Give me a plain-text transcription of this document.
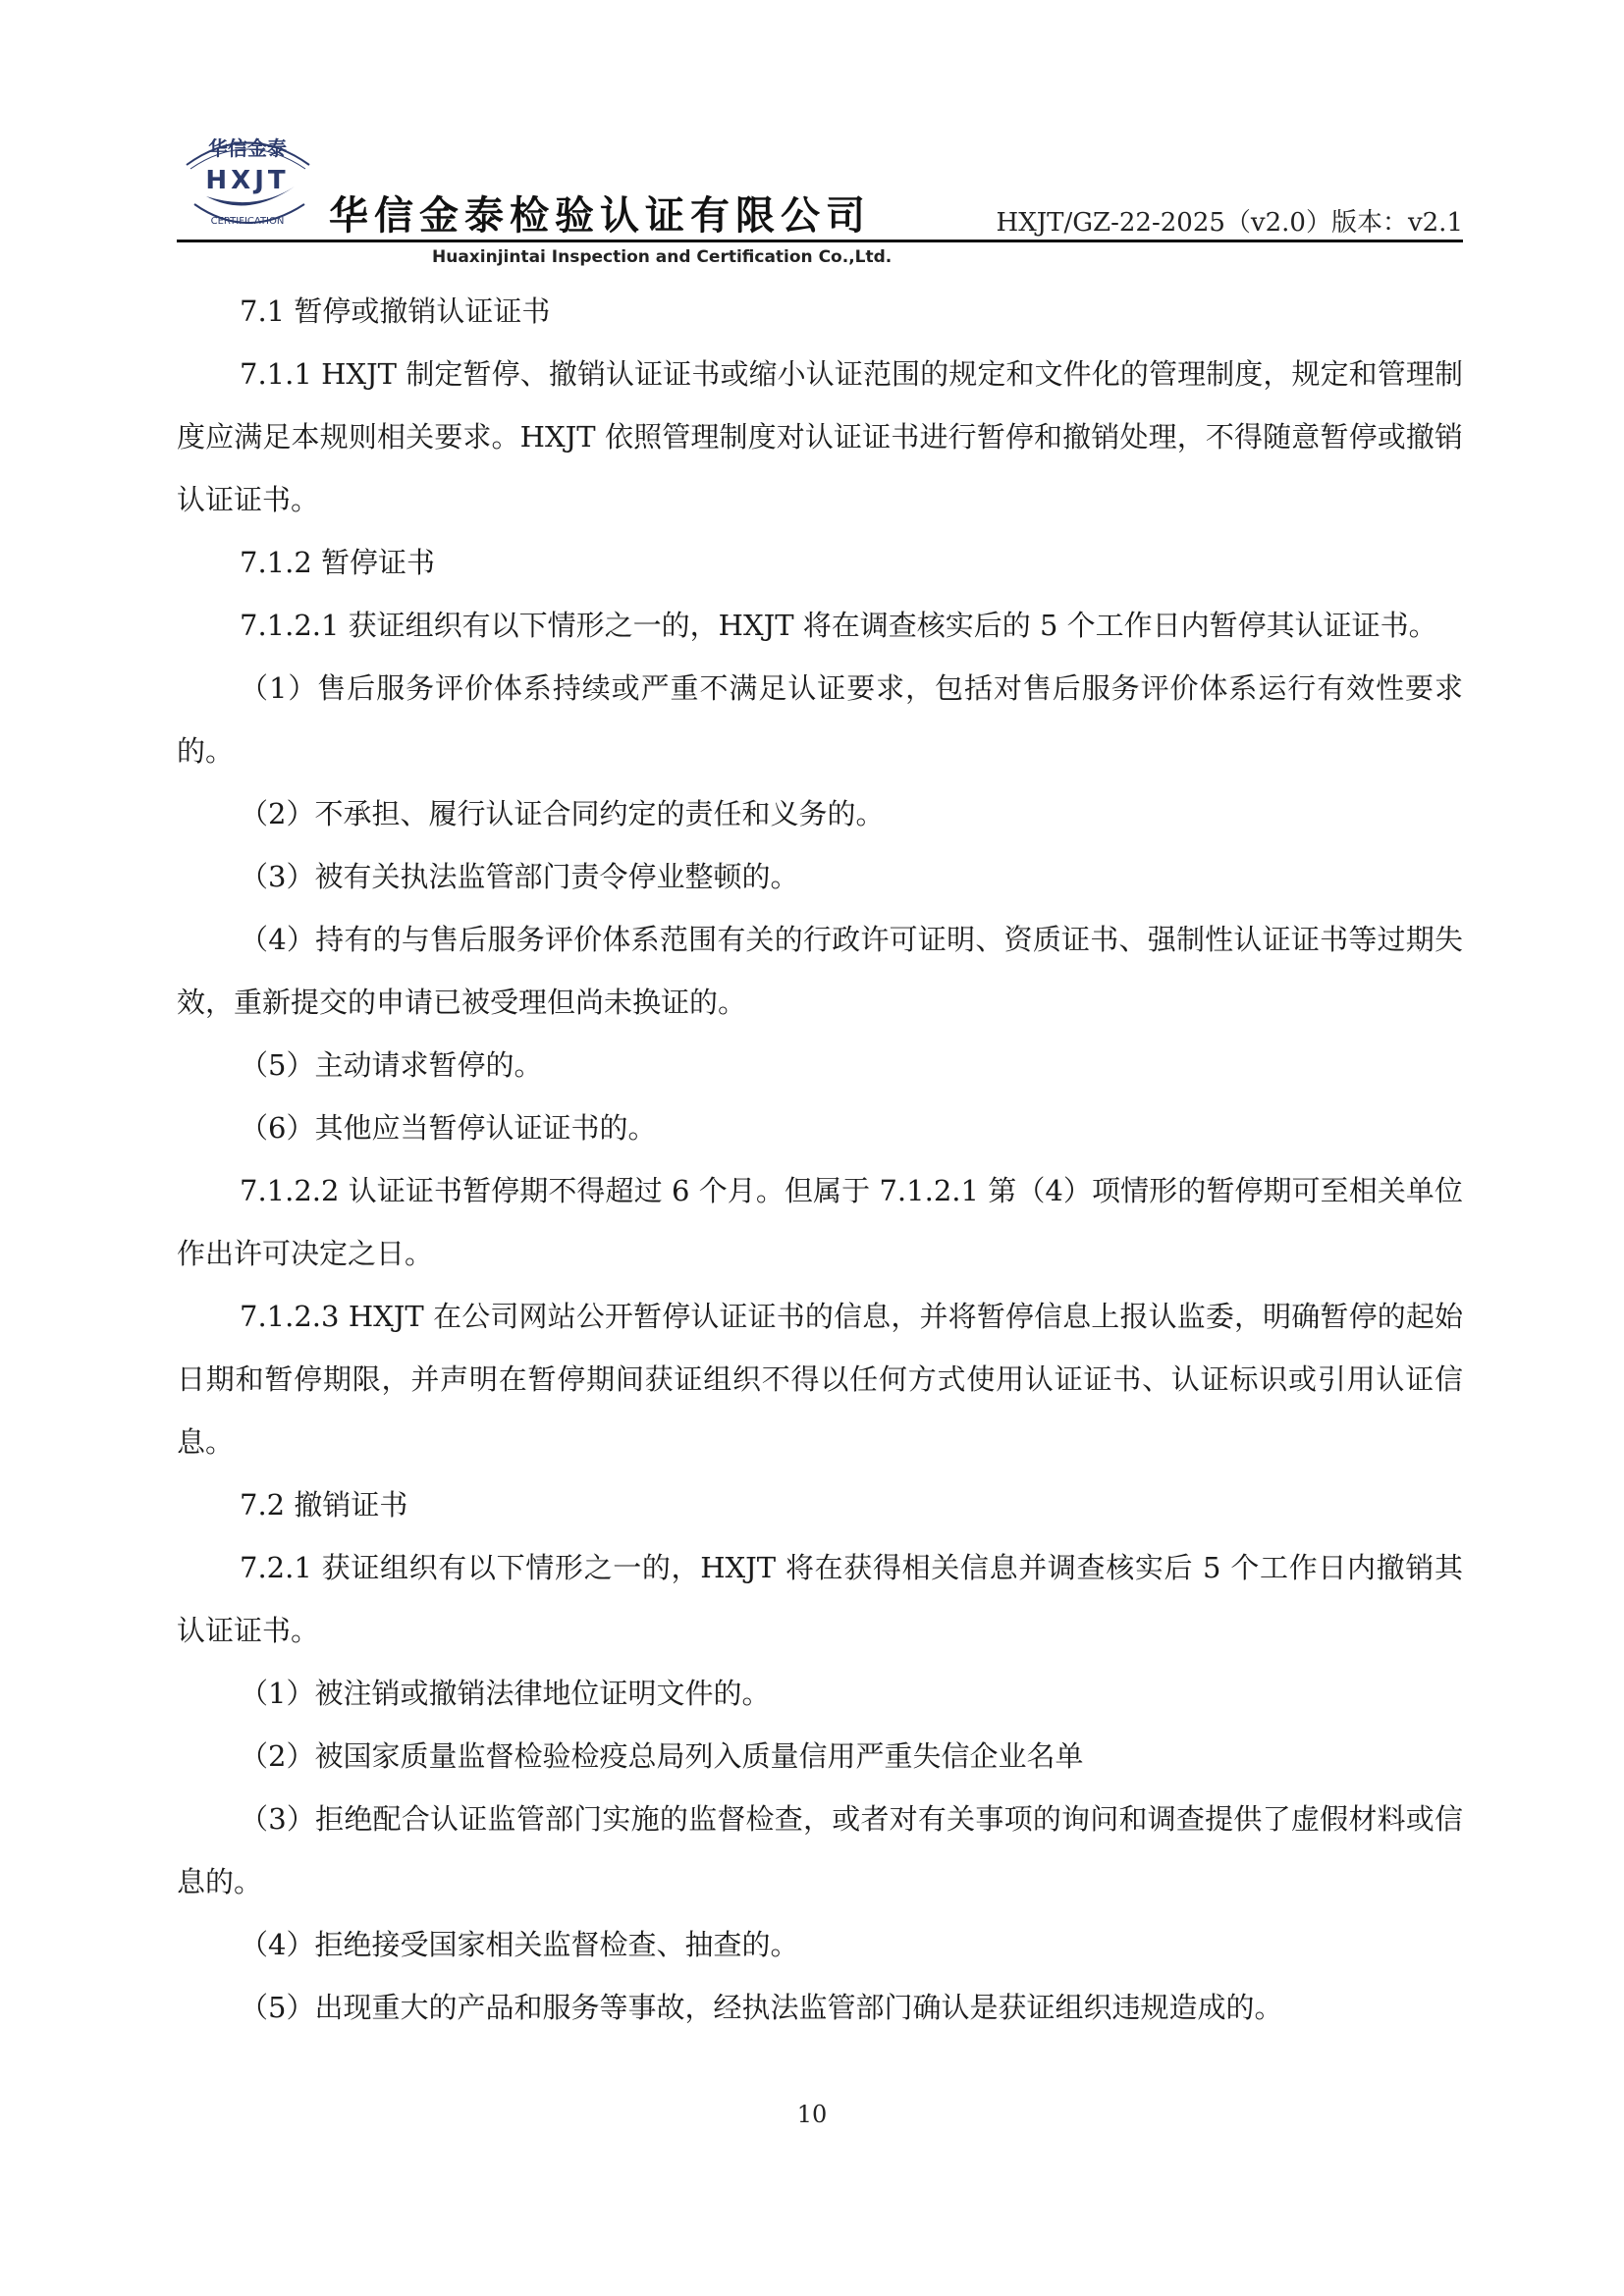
华信金泰
HXJT
CERTIFICATION 华信金泰检验认证有限公司	HXJT/GZ-22-2025（v2.0）版本：v2.1
Huaxinjintai Inspection and Certification Co.,Ltd.

7.1 暂停或撤销认证证书

7.1.1 HXJT 制定暂停、撤销认证证书或缩小认证范围的规定和文件化的管理制度，规定和管理制度应满足本规则相关要求。HXJT 依照管理制度对认证证书进行暂停和撤销处理，不得随意暂停或撤销认证证书。

7.1.2 暂停证书

7.1.2.1 获证组织有以下情形之一的，HXJT 将在调查核实后的 5 个工作日内暂停其认证证书。

（1）售后服务评价体系持续或严重不满足认证要求，包括对售后服务评价体系运行有效性要求的。

（2）不承担、履行认证合同约定的责任和义务的。

（3）被有关执法监管部门责令停业整顿的。

（4）持有的与售后服务评价体系范围有关的行政许可证明、资质证书、强制性认证证书等过期失效，重新提交的申请已被受理但尚未换证的。

（5）主动请求暂停的。

（6）其他应当暂停认证证书的。

7.1.2.2 认证证书暂停期不得超过 6 个月。但属于 7.1.2.1 第（4）项情形的暂停期可至相关单位作出许可决定之日。

7.1.2.3 HXJT 在公司网站公开暂停认证证书的信息，并将暂停信息上报认监委，明确暂停的起始日期和暂停期限，并声明在暂停期间获证组织不得以任何方式使用认证证书、认证标识或引用认证信息。

7.2 撤销证书

7.2.1 获证组织有以下情形之一的，HXJT 将在获得相关信息并调查核实后 5 个工作日内撤销其认证证书。

（1）被注销或撤销法律地位证明文件的。

（2）被国家质量监督检验检疫总局列入质量信用严重失信企业名单

（3）拒绝配合认证监管部门实施的监督检查，或者对有关事项的询问和调查提供了虚假材料或信息的。

（4）拒绝接受国家相关监督检查、抽查的。

（5）出现重大的产品和服务等事故，经执法监管部门确认是获证组织违规造成的。

10
